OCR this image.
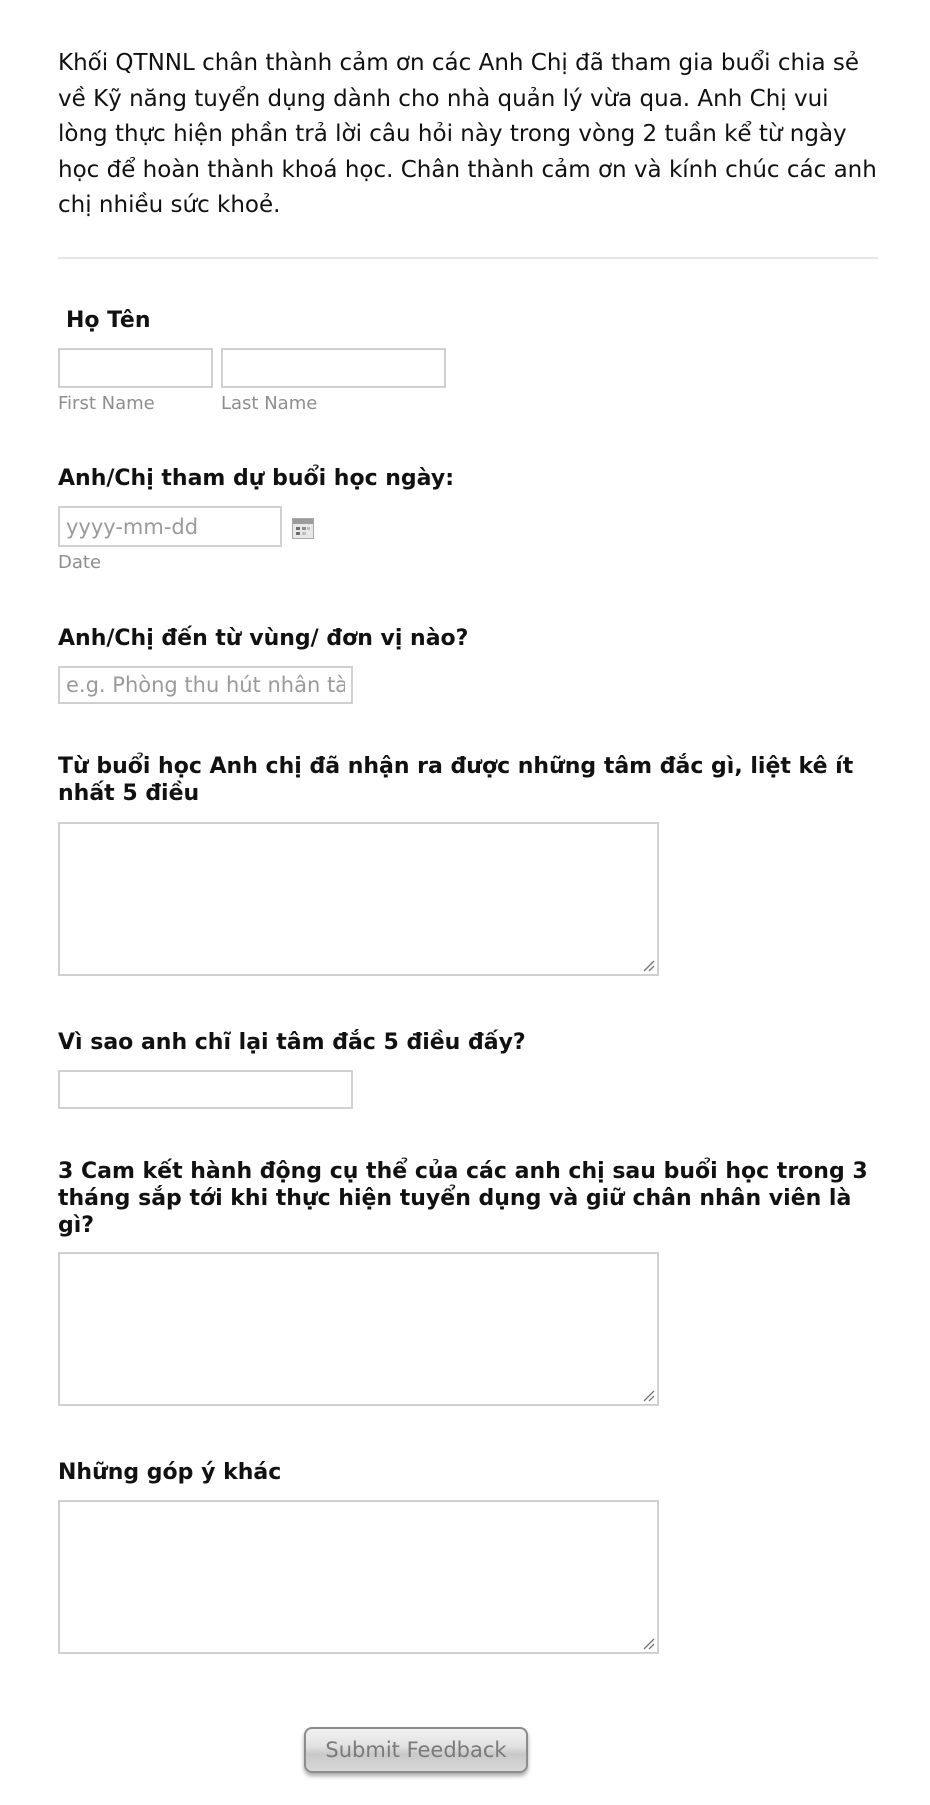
Khối QTNNL chân thành cảm ơn các Anh Chị đã tham gia buổi chia sẻ về Kỹ năng tuyển dụng dành cho nhà quản lý vừa qua. Anh Chị vui lòng thực hiện phần trả lời câu hỏi này trong vòng 2 tuần kể từ ngày học để hoàn thành khoá học. Chân thành cảm ơn và kính chúc các anh chị nhiều sức khoẻ.

Họ Tên
First Name	Last Name
Anh/Chị tham dự buổi học ngày:
yyyy-mm-dd
Date
Anh/Chị đến từ vùng/ đơn vị nào?
e.g. Phòng thu hút nhân tài
Từ buổi học Anh chị đã nhận ra được những tâm đắc gì, liệt kê ít nhất 5 điều
Vì sao anh chĩ lại tâm đắc 5 điều đấy?
3 Cam kết hành động cụ thể của các anh chị sau buổi học trong 3 tháng sắp tới khi thực hiện tuyển dụng và giữ chân nhân viên là gì?
Những góp ý khác
Submit Feedback
